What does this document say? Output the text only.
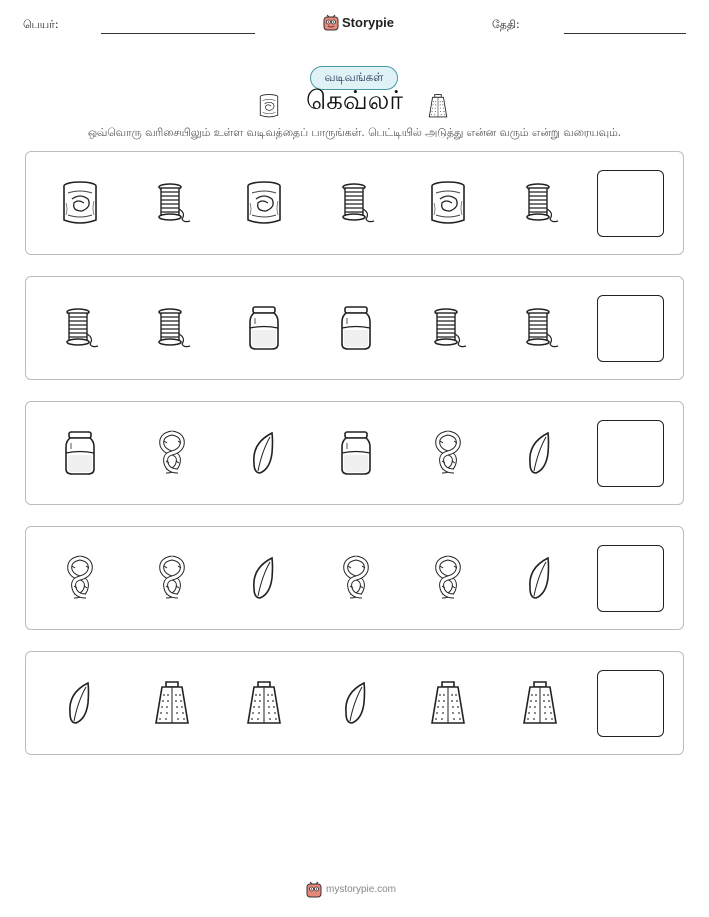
பெயர்:	Storypie	தேதி:
வடிவங்கள்
கெவ்லர்
ஒவ்வொரு வரிசையிலும் உள்ள வடிவத்தைப் பாருங்கள். பெட்டியில் அடுத்து என்ன வரும் என்று வரையவும்.
mystorypie.com
